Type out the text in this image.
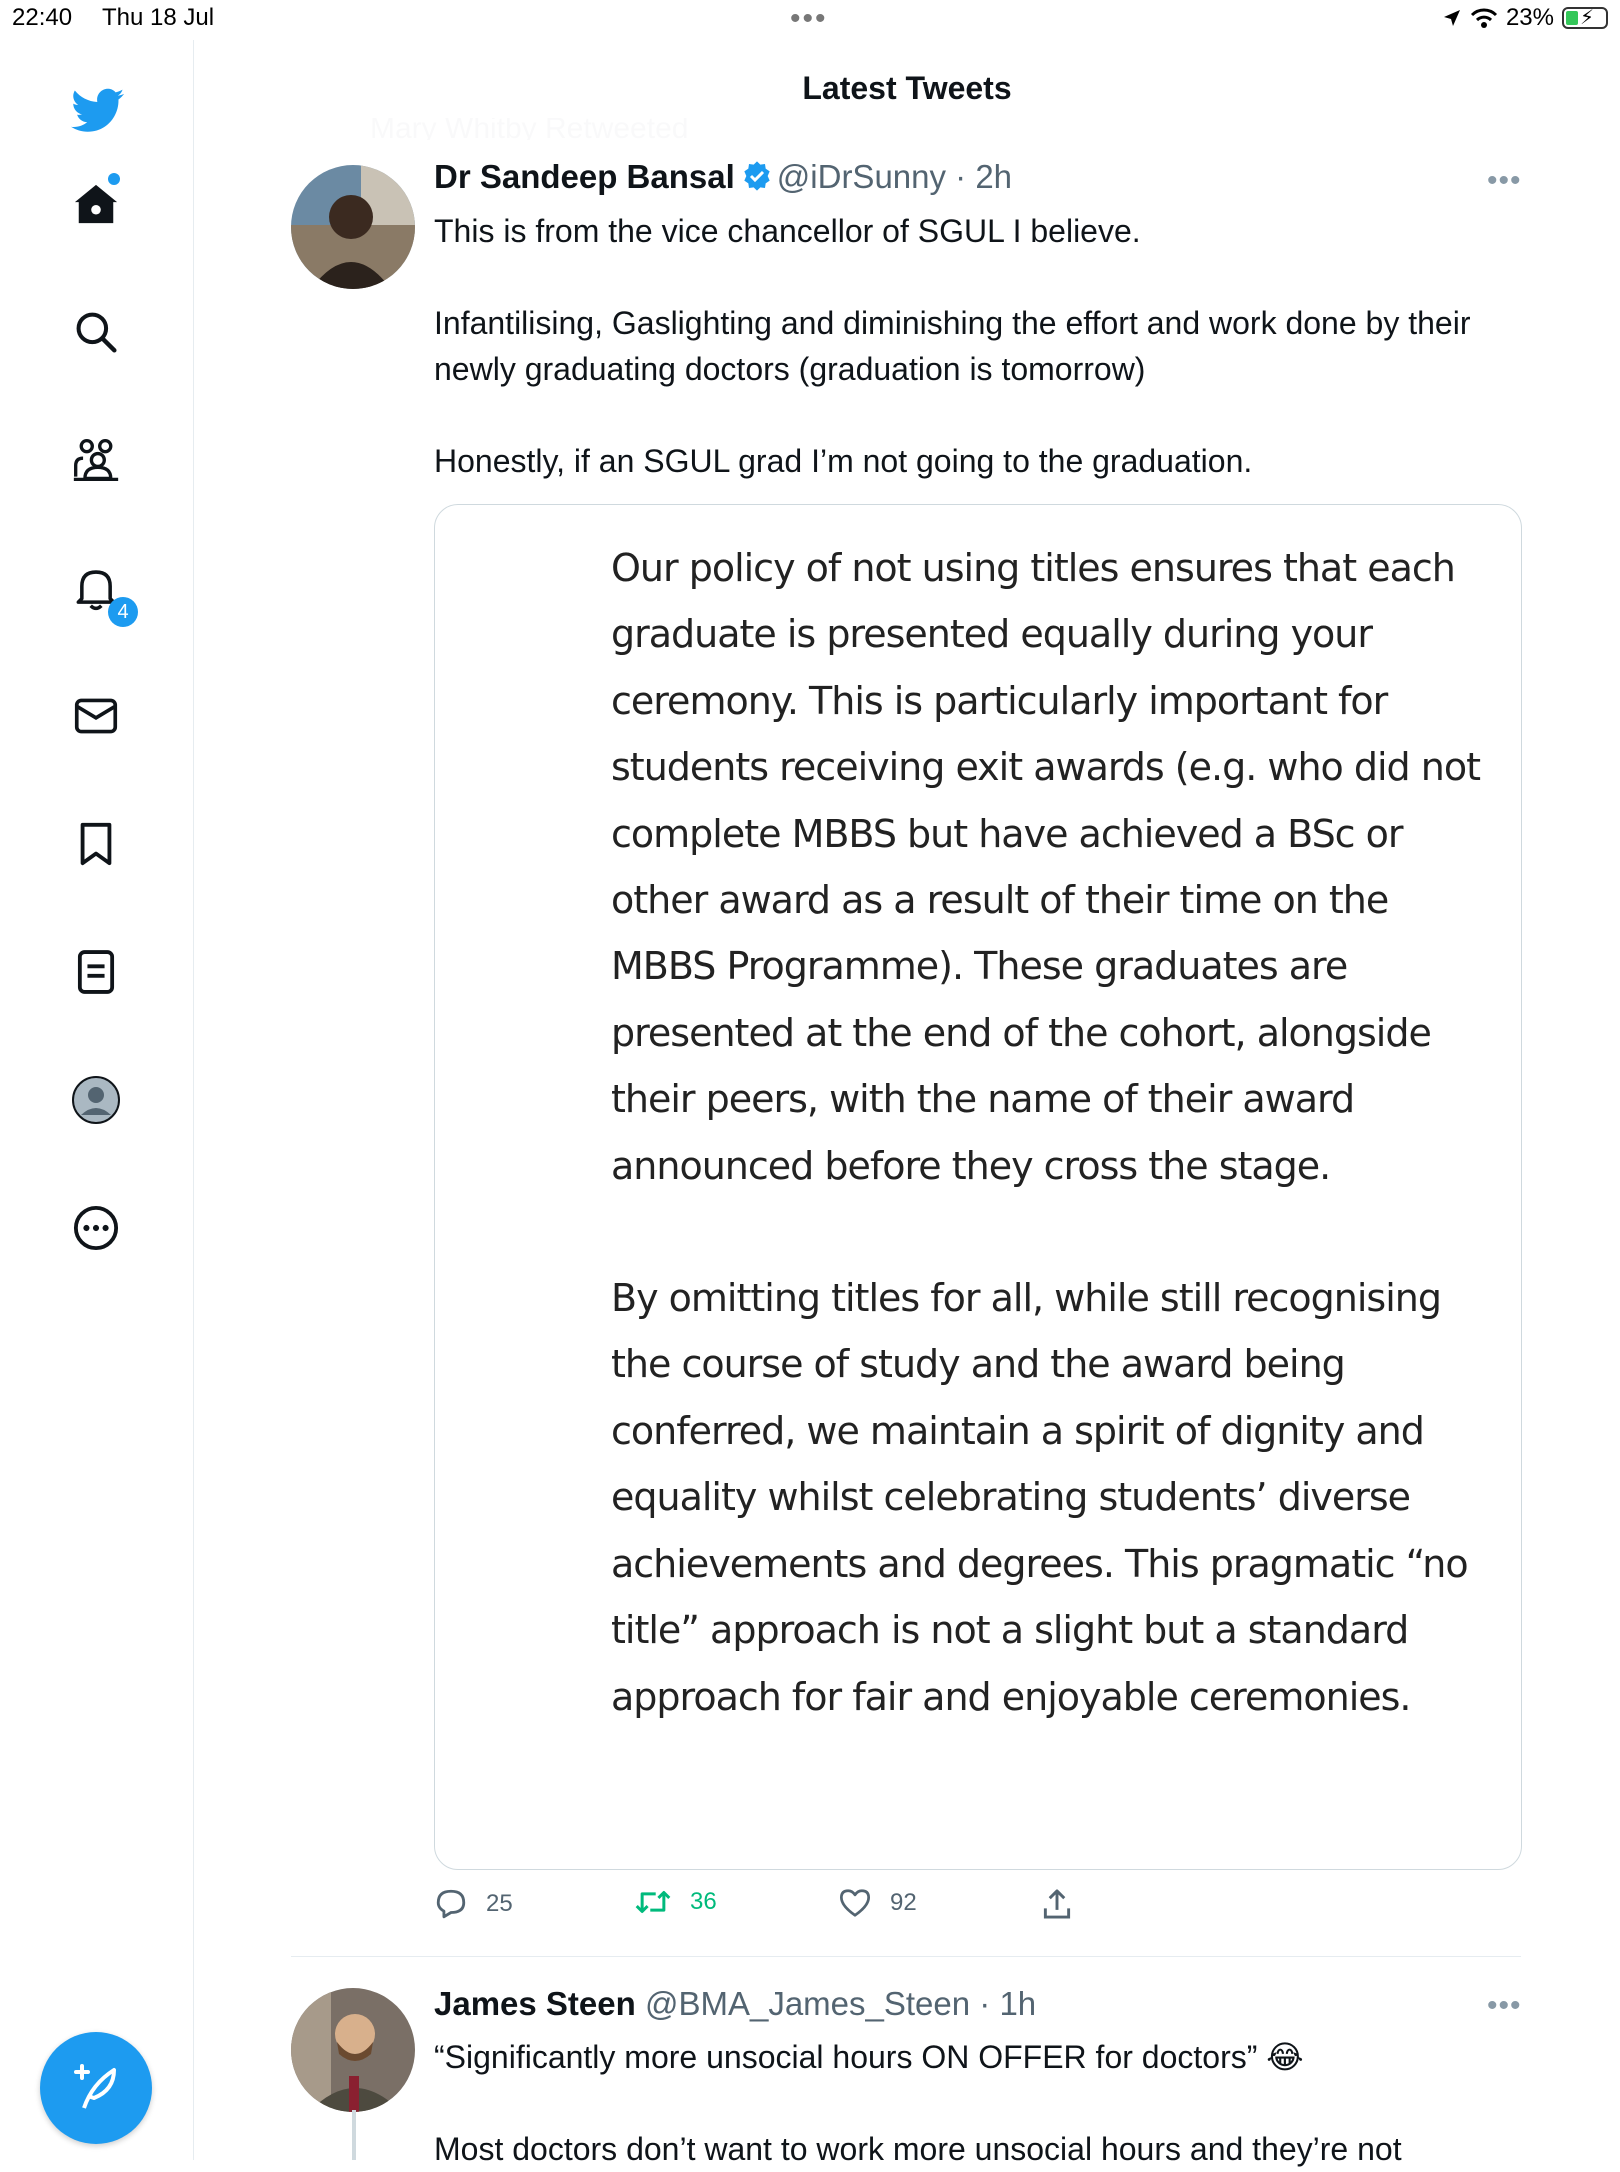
22:40 Thu 18 Jul	•••	23% ⚡
4
Latest Tweets
Dr Sandeep Bansal @iDrSunny · 2h	•••

This is from the vice chancellor of SGUL I believe.

Infantilising, Gaslighting and diminishing the effort and work done by their newly graduating doctors (graduation is tomorrow)

Honestly, if an SGUL grad I’m not going to the graduation.

Our policy of not using titles ensures that each graduate is presented equally during your ceremony. This is particularly important for students receiving exit awards (e.g. who did not complete MBBS but have achieved a BSc or other award as a result of their time on the MBBS Programme). These graduates are presented at the end of the cohort, alongside their peers, with the name of their award announced before they cross the stage.

By omitting titles for all, while still recognising the course of study and the award being conferred, we maintain a spirit of dignity and equality whilst celebrating students’ diverse achievements and degrees. This pragmatic “no title” approach is not a slight but a standard approach for fair and enjoyable ceremonies.

25	36	92
James Steen @BMA_James_Steen · 1h	•••

“Significantly more unsocial hours ON OFFER for doctors” 😂

Most doctors don’t want to work more unsocial hours and they’re not
